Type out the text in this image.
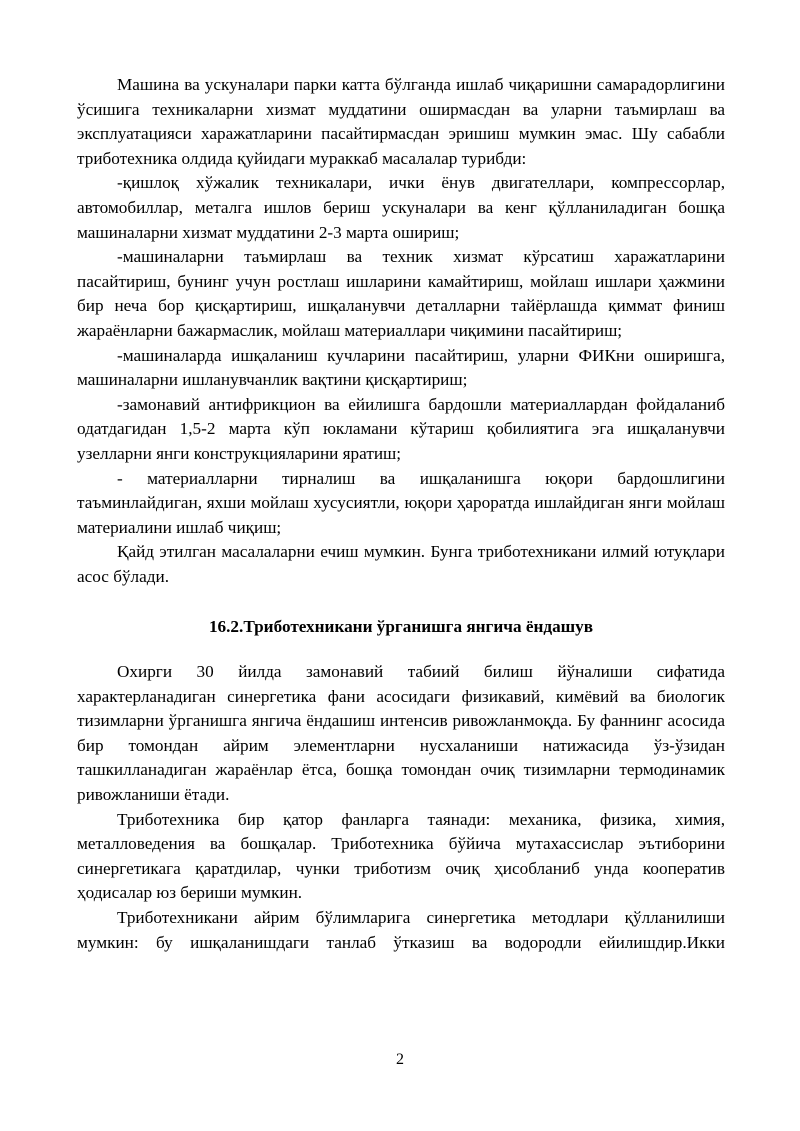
Машина ва ускуналари парки катта бўлганда ишлаб чиқаришни самарадорлигини ўсишига техникаларни хизмат муддатини оширмасдан ва уларни таъмирлаш ва эксплуатацияси харажатларини пасайтирмасдан эришиш мумкин эмас. Шу сабабли триботехника олдида қуйидаги мураккаб масалалар турибди:

-қишлоқ хўжалик техникалари, ички ёнув двигателлари, компрессорлар, автомобиллар, металга ишлов бериш ускуналари ва кенг қўлланиладиган бошқа машиналарни хизмат муддатини 2-3 марта ошириш;

-машиналарни таъмирлаш ва техник хизмат кўрсатиш харажатларини пасайтириш, бунинг учун ростлаш ишларини камайтириш, мойлаш ишлари ҳажмини бир неча бор қисқартириш, ишқаланувчи деталларни тайёрлашда қиммат финиш жараёнларни бажармаслик, мойлаш материаллари чиқимини пасайтириш;

-машиналарда ишқаланиш кучларини пасайтириш, уларни ФИКни оширишга, машиналарни ишланувчанлик вақтини қисқартириш;

-замонавий антифрикцион ва ейилишга бардошли материаллардан фойдаланиб одатдагидан 1,5-2 марта кўп юкламани кўтариш қобилиятига эга ишқаланувчи узелларни янги конструкцияларини яратиш;

- материалларни тирналиш ва ишқаланишга юқори бардошлигини таъминлайдиган, яхши мойлаш хусусиятли, юқори ҳароратда ишлайдиган янги мойлаш материалини ишлаб чиқиш;

Қайд этилган масалаларни ечиш мумкин. Бунга триботехникани илмий ютуқлари асос бўлади.

16.2.Триботехникани ўрганишга янгича ёндашув

Охирги 30 йилда замонавий табиий билиш йўналиши сифатида характерланадиган синергетика фани асосидаги физикавий, кимёвий ва биологик тизимларни ўрганишга янгича ёндашиш интенсив ривожланмоқда. Бу фаннинг асосида бир томондан айрим элементларни нусхаланиши натижасида ўз-ўзидан ташкилланадиган жараёнлар ётса, бошқа томондан очиқ тизимларни термодинамик ривожланиши ётади.

Триботехника бир қатор фанларга таянади: механика, физика, химия, металловедения ва бошқалар. Триботехника бўйича мутахассислар эътиборини синергетикага қаратдилар, чунки триботизм очиқ ҳисобланиб унда кооператив ҳодисалар юз бериши мумкин.

Триботехникани айрим бўлимларига синергетика методлари қўлланилиши мумкин: бу ишқаланишдаги танлаб ўтказиш ва водородли ейилишдир.Икки

2
